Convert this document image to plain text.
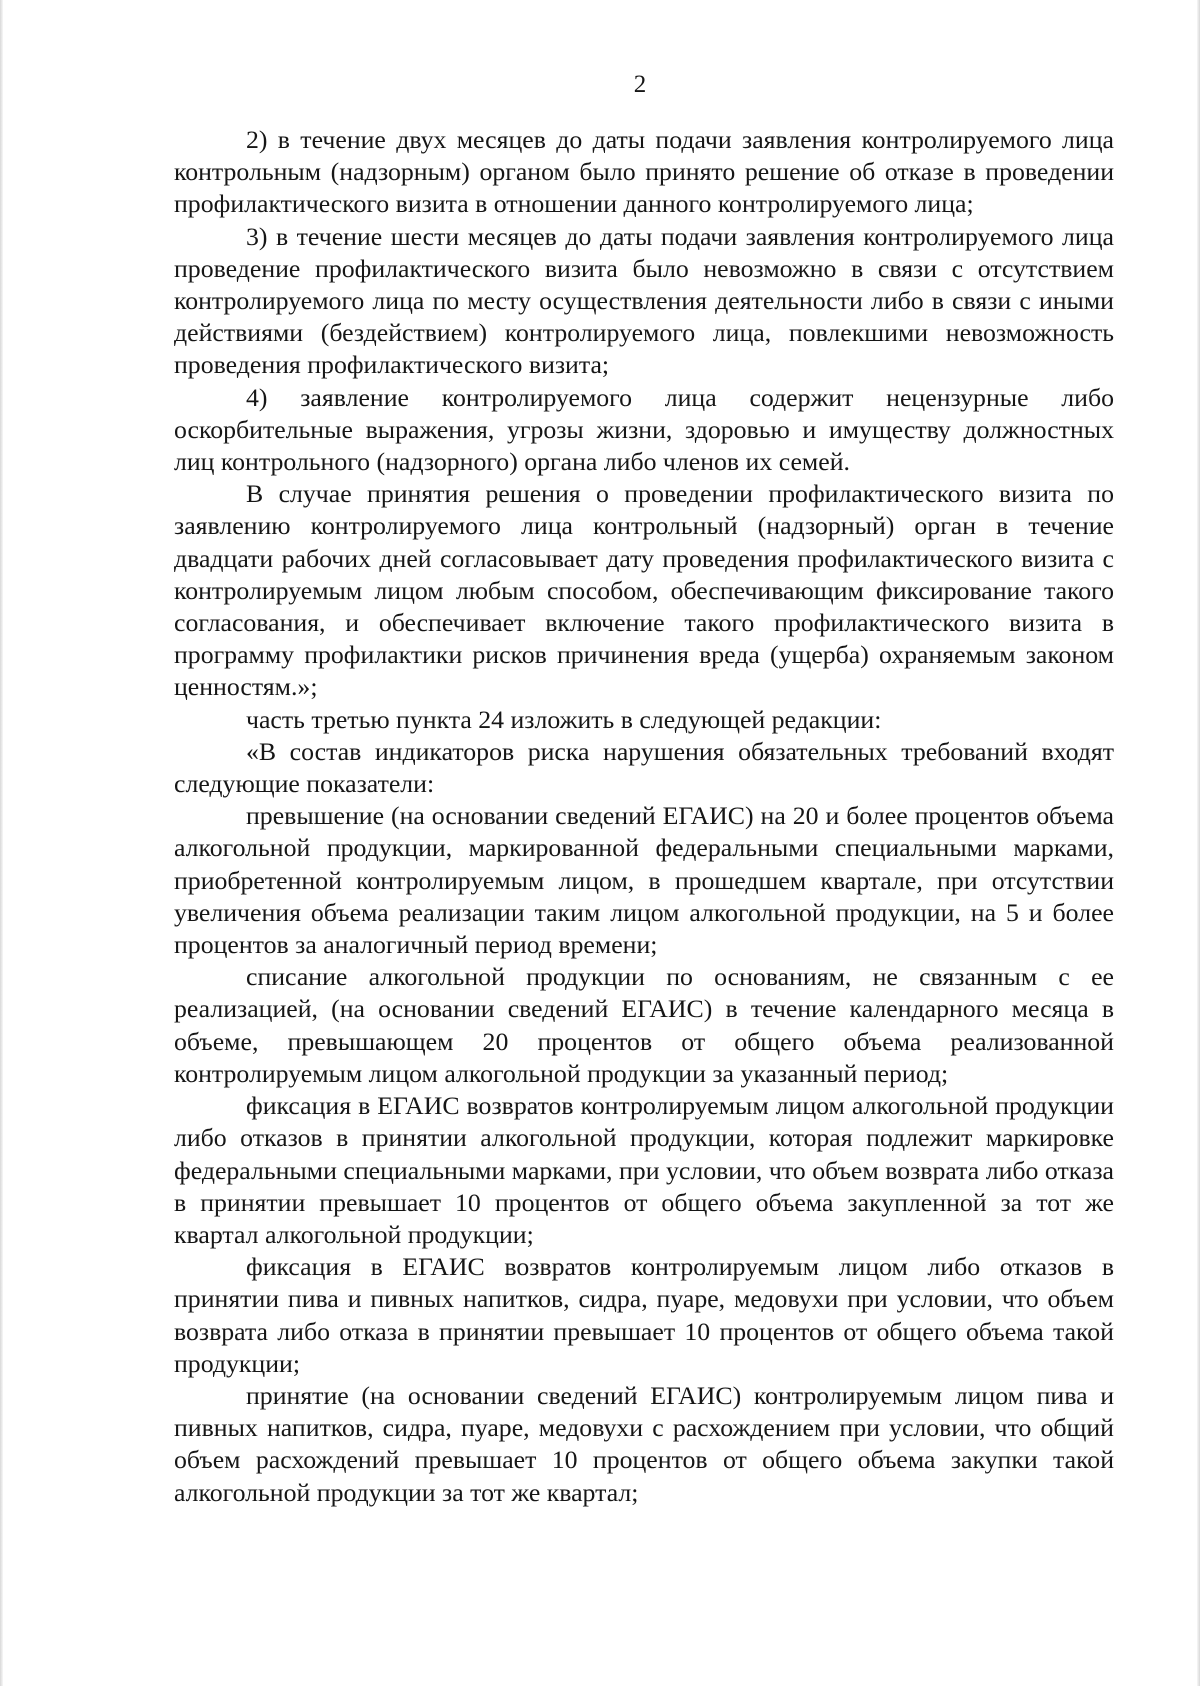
2

2) в течение двух месяцев до даты подачи заявления контролируемого лица контрольным (надзорным) органом было принято решение об отказе в проведении профилактического визита в отношении данного контролируемого лица;

3) в течение шести месяцев до даты подачи заявления контролируемого лица проведение профилактического визита было невозможно в связи с отсутствием контролируемого лица по месту осуществления деятельности либо в связи с иными действиями (бездействием) контролируемого лица, повлекшими невозможность проведения профилактического визита;

4) заявление контролируемого лица содержит нецензурные либо оскорбительные выражения, угрозы жизни, здоровью и имуществу должностных лиц контрольного (надзорного) органа либо членов их семей.

В случае принятия решения о проведении профилактического визита по заявлению контролируемого лица контрольный (надзорный) орган в течение двадцати рабочих дней согласовывает дату проведения профилактического визита с контролируемым лицом любым способом, обеспечивающим фиксирование такого согласования, и обеспечивает включение такого профилактического визита в программу профилактики рисков причинения вреда (ущерба) охраняемым законом ценностям.»;

часть третью пункта 24 изложить в следующей редакции:

«В состав индикаторов риска нарушения обязательных требований входят следующие показатели:

превышение (на основании сведений ЕГАИС) на 20 и более процентов объема алкогольной продукции, маркированной федеральными специальными марками, приобретенной контролируемым лицом, в прошедшем квартале, при отсутствии увеличения объема реализации таким лицом алкогольной продукции, на 5 и более процентов за аналогичный период времени;

списание алкогольной продукции по основаниям, не связанным с ее реализацией, (на основании сведений ЕГАИС) в течение календарного месяца в объеме, превышающем 20 процентов от общего объема реализованной контролируемым лицом алкогольной продукции за указанный период;

фиксация в ЕГАИС возвратов контролируемым лицом алкогольной продукции либо отказов в принятии алкогольной продукции, которая подлежит маркировке федеральными специальными марками, при условии, что объем возврата либо отказа в принятии превышает 10 процентов от общего объема закупленной за тот же квартал алкогольной продукции;

фиксация в ЕГАИС возвратов контролируемым лицом либо отказов в принятии пива и пивных напитков, сидра, пуаре, медовухи при условии, что объем возврата либо отказа в принятии превышает 10 процентов от общего объема такой продукции;

принятие (на основании сведений ЕГАИС) контролируемым лицом пива и пивных напитков, сидра, пуаре, медовухи с расхождением при условии, что общий объем расхождений превышает 10 процентов от общего объема закупки такой алкогольной продукции за тот же квартал;
